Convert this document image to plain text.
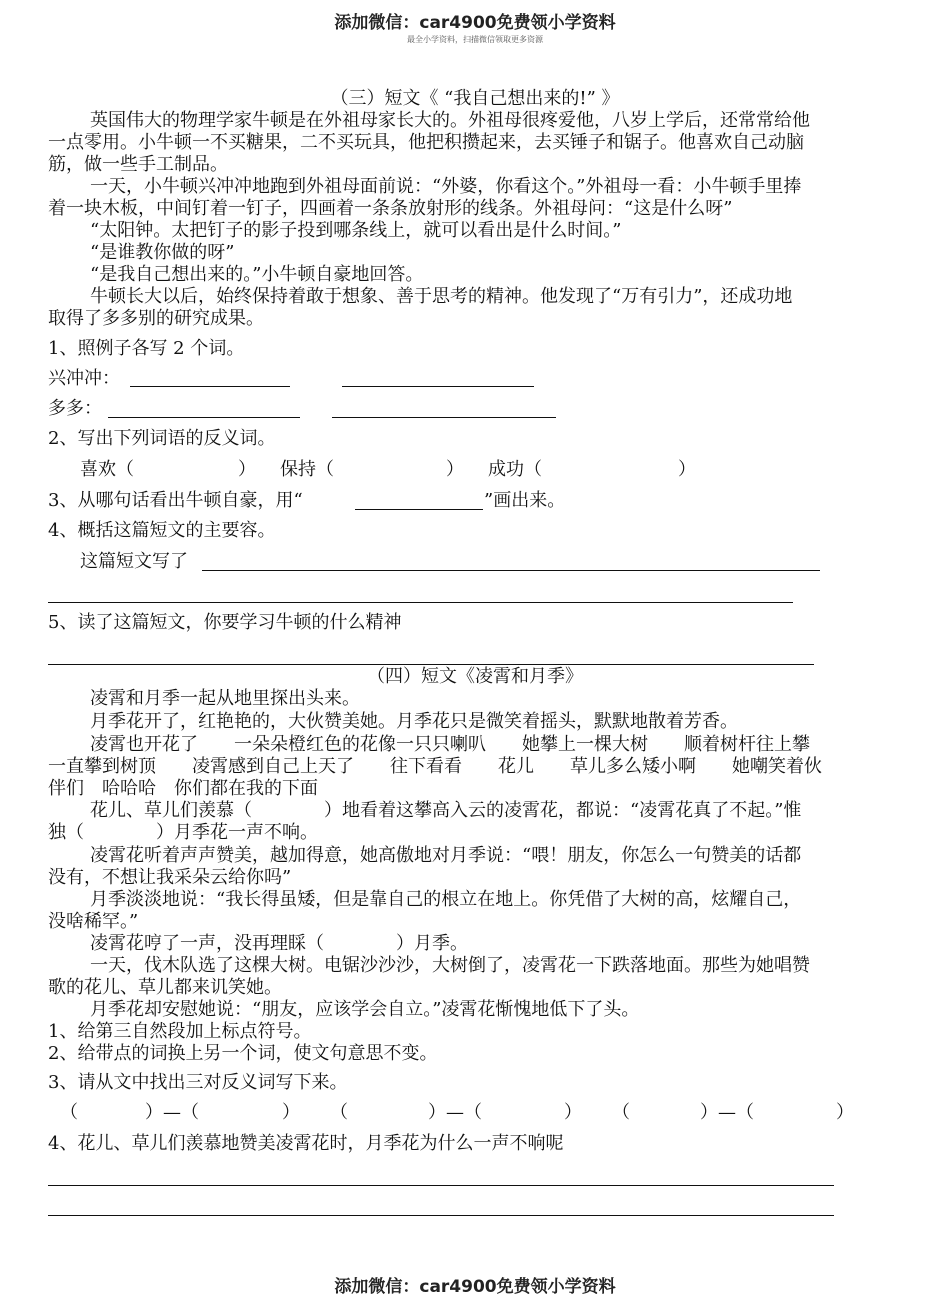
添加微信：car4900免费领小学资料
最全小学资料，扫描微信领取更多资源
（三）短文《 “我自己想出来的!” 》
英国伟大的物理学家牛顿是在外祖母家长大的。外祖母很疼爱他，八岁上学后，还常常给他
一点零用。小牛顿一不买糖果，二不买玩具，他把积攒起来，去买锤子和锯子。他喜欢自己动脑
筋，做一些手工制品。
一天，小牛顿兴冲冲地跑到外祖母面前说：“外婆，你看这个。”外祖母一看：小牛顿手里捧
着一块木板，中间钉着一钉子，四画着一条条放射形的线条。外祖母问：“这是什么呀”
“太阳钟。太把钉子的影子投到哪条线上，就可以看出是什么时间。”
“是谁教你做的呀”
“是我自己想出来的。”小牛顿自豪地回答。
牛顿长大以后，始终保持着敢于想象、善于思考的精神。他发现了“万有引力”，还成功地
取得了多多别的研究成果。
1、照例子各写 2 个词。
兴冲冲：
多多：
2、写出下列词语的反义词。
喜欢（	） 保持（	） 成功（	）
3、从哪句话看出牛顿自豪，用“	”画出来。
4、概括这篇短文的主要容。
这篇短文写了
5、读了这篇短文，你要学习牛顿的什么精神
（四）短文《凌霄和月季》
凌霄和月季一起从地里探出头来。
月季花开了，红艳艳的，大伙赞美她。月季花只是微笑着摇头，默默地散着芳香。
凌霄也开花了　　一朵朵橙红色的花像一只只喇叭　　她攀上一棵大树　　顺着树杆往上攀
一直攀到树顶　　凌霄感到自己上天了　　往下看看　　花儿　　草儿多么矮小啊　　她嘲笑着伙
伴们　哈哈哈　你们都在我的下面
花儿、草儿们羡慕（　　　　）地看着这攀高入云的凌霄花，都说：“凌霄花真了不起。”惟
独（　　　　）月季花一声不响。
凌霄花听着声声赞美，越加得意，她高傲地对月季说：“喂！朋友，你怎么一句赞美的话都
没有，不想让我采朵云给你吗”
月季淡淡地说：“我长得虽矮，但是靠自己的根立在地上。你凭借了大树的高，炫耀自己，
没啥稀罕。”
凌霄花哼了一声，没再理睬（　　　　）月季。
一天，伐木队选了这棵大树。电锯沙沙沙，大树倒了，凌霄花一下跌落地面。那些为她唱赞
歌的花儿、草儿都来讥笑她。
月季花却安慰她说：“朋友，应该学会自立。”凌霄花惭愧地低下了头。
1、给第三自然段加上标点符号。
2、给带点的词换上另一个词，使文句意思不变。
3、请从文中找出三对反义词写下来。
（	）—（	） （	）—（	） （	）—（	）
4、花儿、草儿们羡慕地赞美凌霄花时，月季花为什么一声不响呢
添加微信：car4900免费领小学资料
